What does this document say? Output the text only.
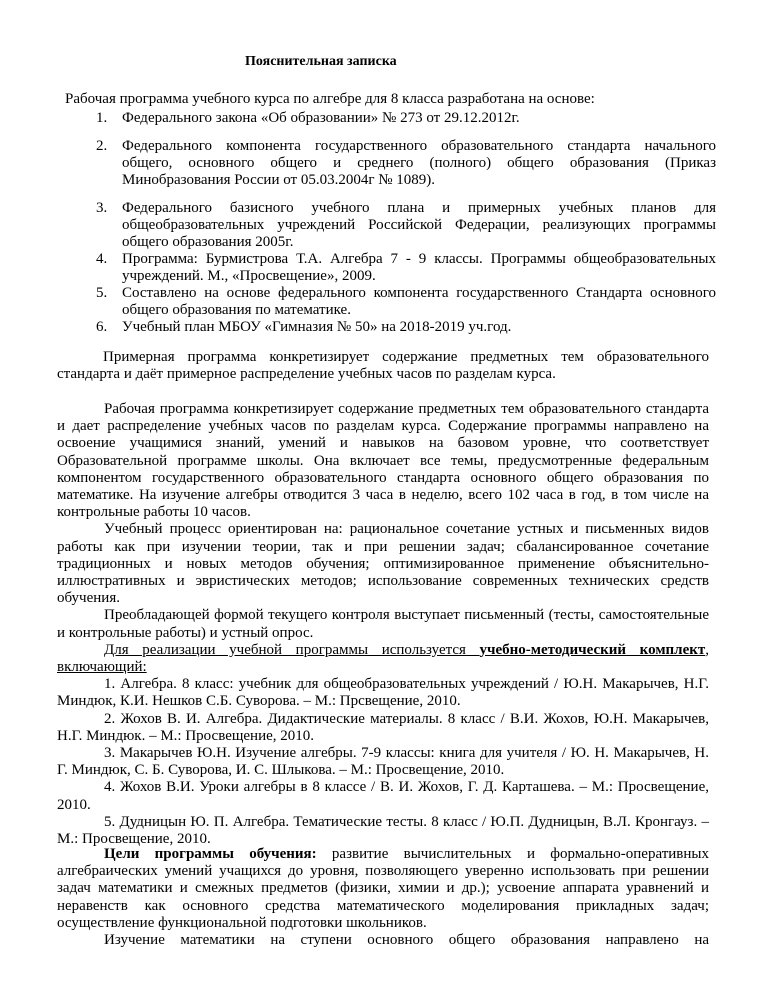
Пояснительная записка
Рабочая программа учебного курса по алгебре для 8 класса разработана на основе:
1. Федерального закона «Об образовании» № 273 от 29.12.2012г.
2. Федерального компонента государственного образовательного стандарта начального общего, основного общего и среднего (полного) общего образования (Приказ Минобразования России от 05.03.2004г № 1089).
3. Федерального базисного учебного плана и примерных учебных планов для общеобразовательных учреждений Российской Федерации, реализующих программы общего образования 2005г.
4. Программа: Бурмистрова Т.А. Алгебра 7 - 9 классы. Программы общеобразовательных учреждений. М., «Просвещение», 2009.
5. Составлено на основе федерального компонента государственного Стандарта основного общего образования по математике.
6. Учебный план МБОУ «Гимназия № 50» на 2018-2019 уч.год.

Примерная программа конкретизирует содержание предметных тем образовательного стандарта и даёт примерное распределение учебных часов по разделам курса.

Рабочая программа конкретизирует содержание предметных тем образовательного стандарта и дает распределение учебных часов по разделам курса. Содержание программы направлено на освоение учащимися знаний, умений и навыков на базовом уровне, что соответствует Образовательной программе школы. Она включает все темы, предусмотренные федеральным компонентом государственного образовательного стандарта основного общего образования по математике. На изучение алгебры отводится 3 часа в неделю, всего 102 часа в год, в том числе на контрольные работы 10 часов.

Учебный процесс ориентирован на: рациональное сочетание устных и письменных видов работы как при изучении теории, так и при решении задач; сбалансированное сочетание традиционных и новых методов обучения; оптимизированное применение объяснительно-иллюстративных и эвристических методов; использование современных технических средств обучения.

Преобладающей формой текущего контроля выступает письменный (тесты, самостоятельные и контрольные работы) и устный опрос.

Для реализации учебной программы используется учебно-методический комплект, включающий:

1. Алгебра. 8 класс: учебник для общеобразовательных учреждений / Ю.Н. Макарычев, Н.Г. Миндюк, К.И. Нешков С.Б. Суворова. – М.: Прсвещение, 2010.

2. Жохов В. И. Алгебра. Дидактические материалы. 8 класс / В.И. Жохов, Ю.Н. Макарычев, Н.Г. Миндюк. – М.: Просвещение, 2010.

3. Макарычев Ю.Н. Изучение алгебры. 7-9 классы: книга для учителя / Ю. Н. Макарычев, Н. Г. Миндюк, С. Б. Суворова, И. С. Шлыкова. – М.: Просвещение, 2010.

4. Жохов В.И. Уроки алгебры в 8 классе / В. И. Жохов, Г. Д. Карташева. – М.: Просвещение, 2010.

5. Дудницын Ю. П. Алгебра. Тематические тесты. 8 класс / Ю.П. Дудницын, В.Л. Кронгауз. – М.: Просвещение, 2010.

Цели программы обучения: развитие вычислительных и формально-оперативных алгебраических умений учащихся до уровня, позволяющего уверенно использовать при решении задач математики и смежных предметов (физики, химии и др.); усвоение аппарата уравнений и неравенств как основного средства математического моделирования прикладных задач; осуществление функциональной подготовки школьников.

Изучение математики на ступени основного общего образования направлено на
